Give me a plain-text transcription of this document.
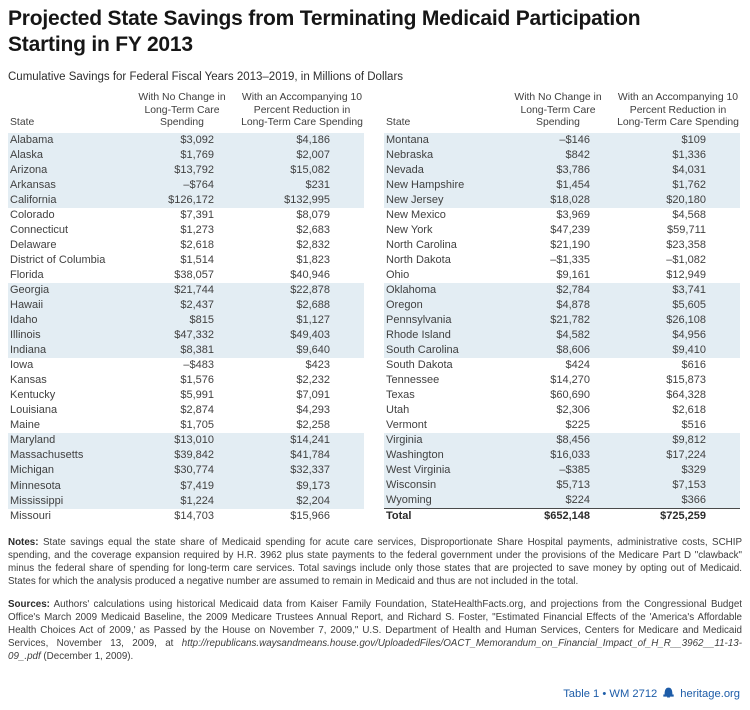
Projected State Savings from Terminating Medicaid Participation Starting in FY 2013
Cumulative Savings for Federal Fiscal Years 2013–2019, in Millions of Dollars
State	With No Change in Long-Term Care Spending	With an Accompanying 10 Percent Reduction in Long-Term Care Spending
Alabama	$3,092	$4,186
Alaska	$1,769	$2,007
Arizona	$13,792	$15,082
Arkansas	–$764	$231
California	$126,172	$132,995
Colorado	$7,391	$8,079
Connecticut	$1,273	$2,683
Delaware	$2,618	$2,832
District of Columbia	$1,514	$1,823
Florida	$38,057	$40,946
Georgia	$21,744	$22,878
Hawaii	$2,437	$2,688
Idaho	$815	$1,127
Illinois	$47,332	$49,403
Indiana	$8,381	$9,640
Iowa	–$483	$423
Kansas	$1,576	$2,232
Kentucky	$5,991	$7,091
Louisiana	$2,874	$4,293
Maine	$1,705	$2,258
Maryland	$13,010	$14,241
Massachusetts	$39,842	$41,784
Michigan	$30,774	$32,337
Minnesota	$7,419	$9,173
Mississippi	$1,224	$2,204
Missouri	$14,703	$15,966
State	With No Change in Long-Term Care Spending	With an Accompanying 10 Percent Reduction in Long-Term Care Spending
Montana	–$146	$109
Nebraska	$842	$1,336
Nevada	$3,786	$4,031
New Hampshire	$1,454	$1,762
New Jersey	$18,028	$20,180
New Mexico	$3,969	$4,568
New York	$47,239	$59,711
North Carolina	$21,190	$23,358
North Dakota	–$1,335	–$1,082
Ohio	$9,161	$12,949
Oklahoma	$2,784	$3,741
Oregon	$4,878	$5,605
Pennsylvania	$21,782	$26,108
Rhode Island	$4,582	$4,956
South Carolina	$8,606	$9,410
South Dakota	$424	$616
Tennessee	$14,270	$15,873
Texas	$60,690	$64,328
Utah	$2,306	$2,618
Vermont	$225	$516
Virginia	$8,456	$9,812
Washington	$16,033	$17,224
West Virginia	–$385	$329
Wisconsin	$5,713	$7,153
Wyoming	$224	$366
Total	$652,148	$725,259

Notes: State savings equal the state share of Medicaid spending for acute care services, Disproportionate Share Hospital payments, administrative costs, SCHIP spending, and the coverage expansion required by H.R. 3962 plus state payments to the federal government under the provisions of the Medicare Part D "clawback" minus the federal share of spending for long-term care services. Total savings include only those states that are projected to save money by opting out of Medicaid. States for which the analysis produced a negative number are assumed to remain in Medicaid and thus are not included in the total.

Sources: Authors' calculations using historical Medicaid data from Kaiser Family Foundation, StateHealthFacts.org, and projections from the Congressional Budget Office's March 2009 Medicaid Baseline, the 2009 Medicare Trustees Annual Report, and Richard S. Foster, "Estimated Financial Effects of the 'America's Affordable Health Choices Act of 2009,' as Passed by the House on November 7, 2009," U.S. Department of Health and Human Services, Centers for Medicare and Medicaid Services, November 13, 2009, at http://republicans.waysandmeans.house.gov/UploadedFiles/OACT_Memorandum_on_Financial_Impact_of_H_R__3962__11-13-09_.pdf (December 1, 2009).

Table 1 • WM 2712 heritage.org
